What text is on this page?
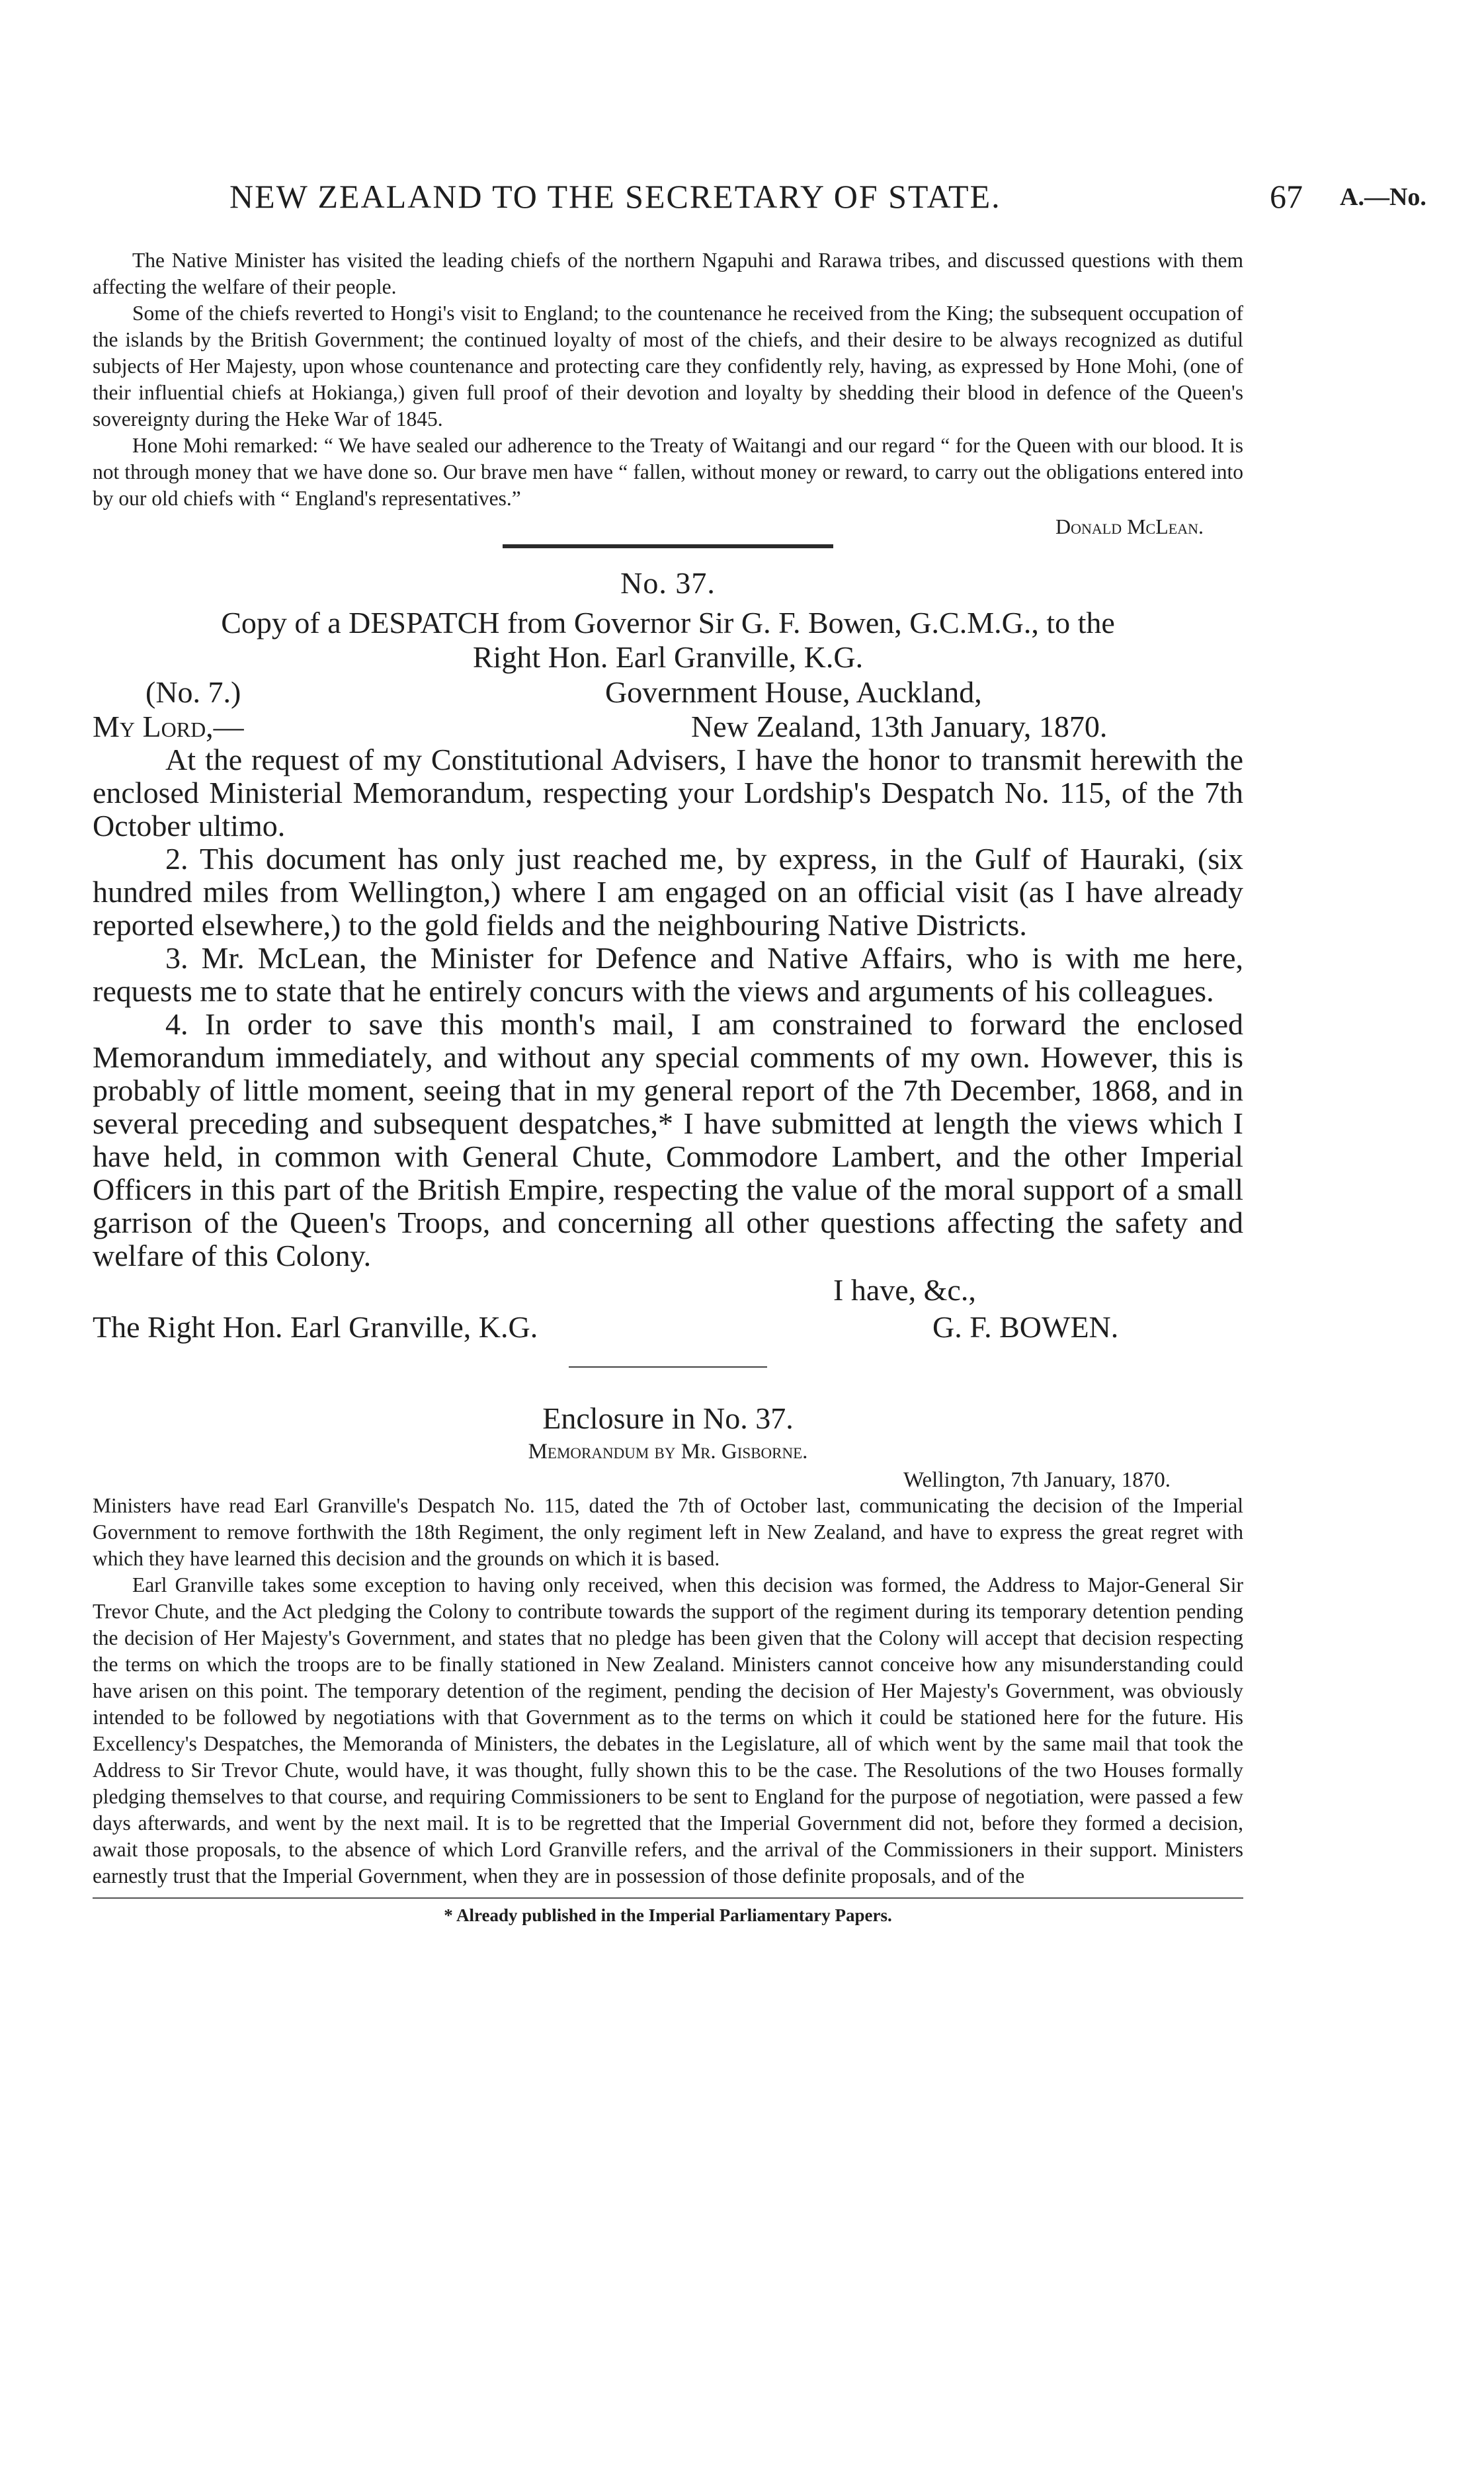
NEW ZEALAND TO THE SECRETARY OF STATE.	67 A.—No.

The Native Minister has visited the leading chiefs of the northern Ngapuhi and Rarawa tribes, and discussed questions with them affecting the welfare of their people.

Some of the chiefs reverted to Hongi's visit to England; to the countenance he received from the King; the subsequent occupation of the islands by the British Government; the continued loyalty of most of the chiefs, and their desire to be always recognized as dutiful subjects of Her Majesty, upon whose countenance and protecting care they confidently rely, having, as expressed by Hone Mohi, (one of their influential chiefs at Hokianga,) given full proof of their devotion and loyalty by shedding their blood in defence of the Queen's sovereignty during the Heke War of 1845.

Hone Mohi remarked: “ We have sealed our adherence to the Treaty of Waitangi and our regard “ for the Queen with our blood. It is not through money that we have done so. Our brave men have “ fallen, without money or reward, to carry out the obligations entered into by our old chiefs with “ England's representatives.”

Donald McLean.
No. 37.
Copy of a DESPATCH from Governor Sir G. F. Bowen, G.C.M.G., to the
Right Hon. Earl Granville, K.G.
(No. 7.)	Government House, Auckland,
My Lord,—	New Zealand, 13th January, 1870.

At the request of my Constitutional Advisers, I have the honor to transmit herewith the enclosed Ministerial Memorandum, respecting your Lordship's Despatch No. 115, of the 7th October ultimo.

2. This document has only just reached me, by express, in the Gulf of Hauraki, (six hundred miles from Wellington,) where I am engaged on an official visit (as I have already reported elsewhere,) to the gold fields and the neighbouring Native Districts.

3. Mr. McLean, the Minister for Defence and Native Affairs, who is with me here, requests me to state that he entirely concurs with the views and arguments of his colleagues.

4. In order to save this month's mail, I am constrained to forward the enclosed Memorandum immediately, and without any special comments of my own. However, this is probably of little moment, seeing that in my general report of the 7th December, 1868, and in several preceding and subsequent despatches,* I have submitted at length the views which I have held, in common with General Chute, Commodore Lambert, and the other Imperial Officers in this part of the British Empire, respecting the value of the moral support of a small garrison of the Queen's Troops, and concerning all other questions affecting the safety and welfare of this Colony.

I have, &c.,
The Right Hon. Earl Granville, K.G.	G. F. BOWEN.
Enclosure in No. 37.
Memorandum by Mr. Gisborne.
Wellington, 7th January, 1870.

Ministers have read Earl Granville's Despatch No. 115, dated the 7th of October last, communicating the decision of the Imperial Government to remove forthwith the 18th Regiment, the only regiment left in New Zealand, and have to express the great regret with which they have learned this decision and the grounds on which it is based.

Earl Granville takes some exception to having only received, when this decision was formed, the Address to Major-General Sir Trevor Chute, and the Act pledging the Colony to contribute towards the support of the regiment during its temporary detention pending the decision of Her Majesty's Government, and states that no pledge has been given that the Colony will accept that decision respecting the terms on which the troops are to be finally stationed in New Zealand. Ministers cannot conceive how any misunderstanding could have arisen on this point. The temporary detention of the regiment, pending the decision of Her Majesty's Government, was obviously intended to be followed by negotiations with that Government as to the terms on which it could be stationed here for the future. His Excellency's Despatches, the Memoranda of Ministers, the debates in the Legislature, all of which went by the same mail that took the Address to Sir Trevor Chute, would have, it was thought, fully shown this to be the case. The Resolutions of the two Houses formally pledging themselves to that course, and requiring Commissioners to be sent to England for the purpose of negotiation, were passed a few days afterwards, and went by the next mail. It is to be regretted that the Imperial Government did not, before they formed a decision, await those proposals, to the absence of which Lord Granville refers, and the arrival of the Commissioners in their support. Ministers earnestly trust that the Imperial Government, when they are in possession of those definite proposals, and of the

* Already published in the Imperial Parliamentary Papers.
